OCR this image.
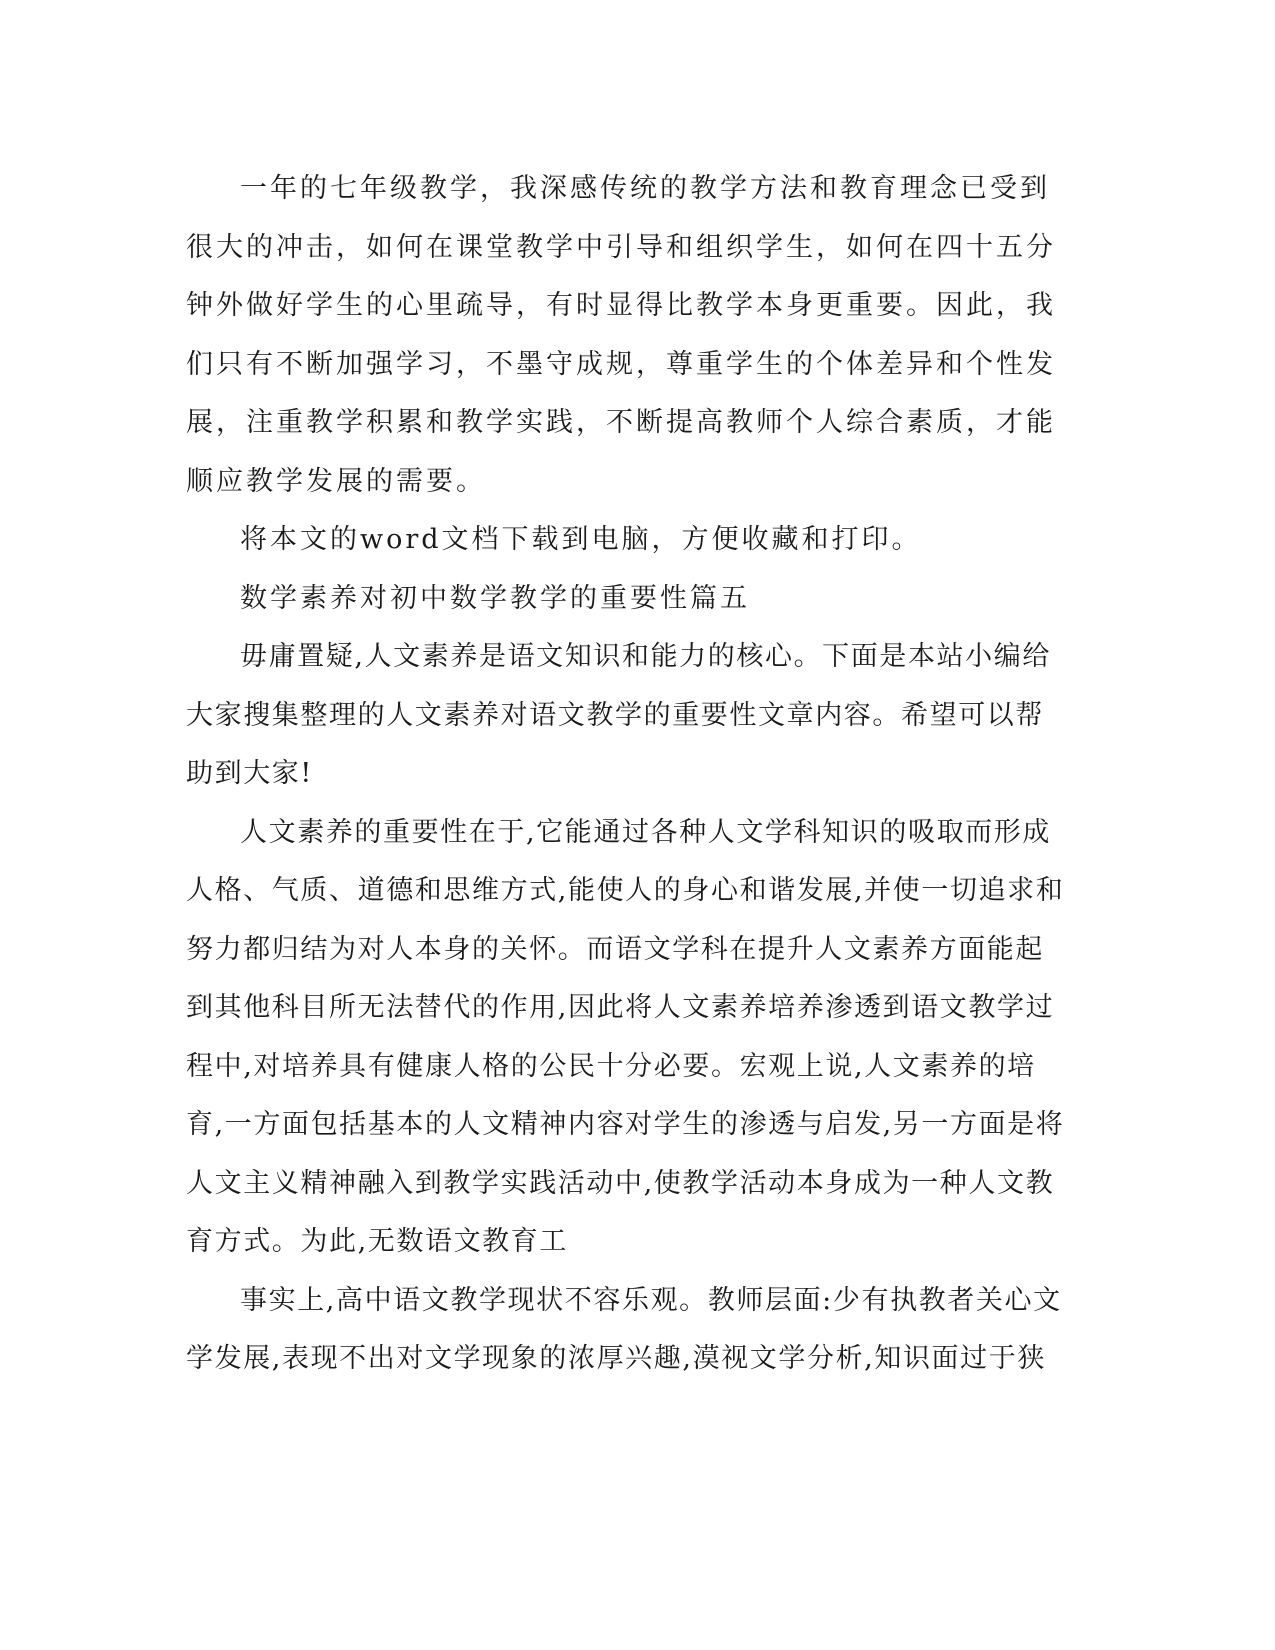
一年的七年级教学，我深感传统的教学方法和教育理念已受到很大的冲击，如何在课堂教学中引导和组织学生，如何在四十五分钟外做好学生的心里疏导，有时显得比教学本身更重要。因此，我们只有不断加强学习，不墨守成规，尊重学生的个体差异和个性发展，注重教学积累和教学实践，不断提高教师个人综合素质，才能顺应教学发展的需要。

将本文的word文档下载到电脑，方便收藏和打印。

数学素养对初中数学教学的重要性篇五

毋庸置疑,人文素养是语文知识和能力的核心。下面是本站小编给大家搜集整理的人文素养对语文教学的重要性文章内容。希望可以帮助到大家!

人文素养的重要性在于,它能通过各种人文学科知识的吸取而形成人格、气质、道德和思维方式,能使人的身心和谐发展,并使一切追求和努力都归结为对人本身的关怀。而语文学科在提升人文素养方面能起到其他科目所无法替代的作用,因此将人文素养培养渗透到语文教学过程中,对培养具有健康人格的公民十分必要。宏观上说,人文素养的培育,一方面包括基本的人文精神内容对学生的渗透与启发,另一方面是将人文主义精神融入到教学实践活动中,使教学活动本身成为一种人文教育方式。为此,无数语文教育工

事实上,高中语文教学现状不容乐观。教师层面:少有执教者关心文学发展,表现不出对文学现象的浓厚兴趣,漠视文学分析,知识面过于狭
